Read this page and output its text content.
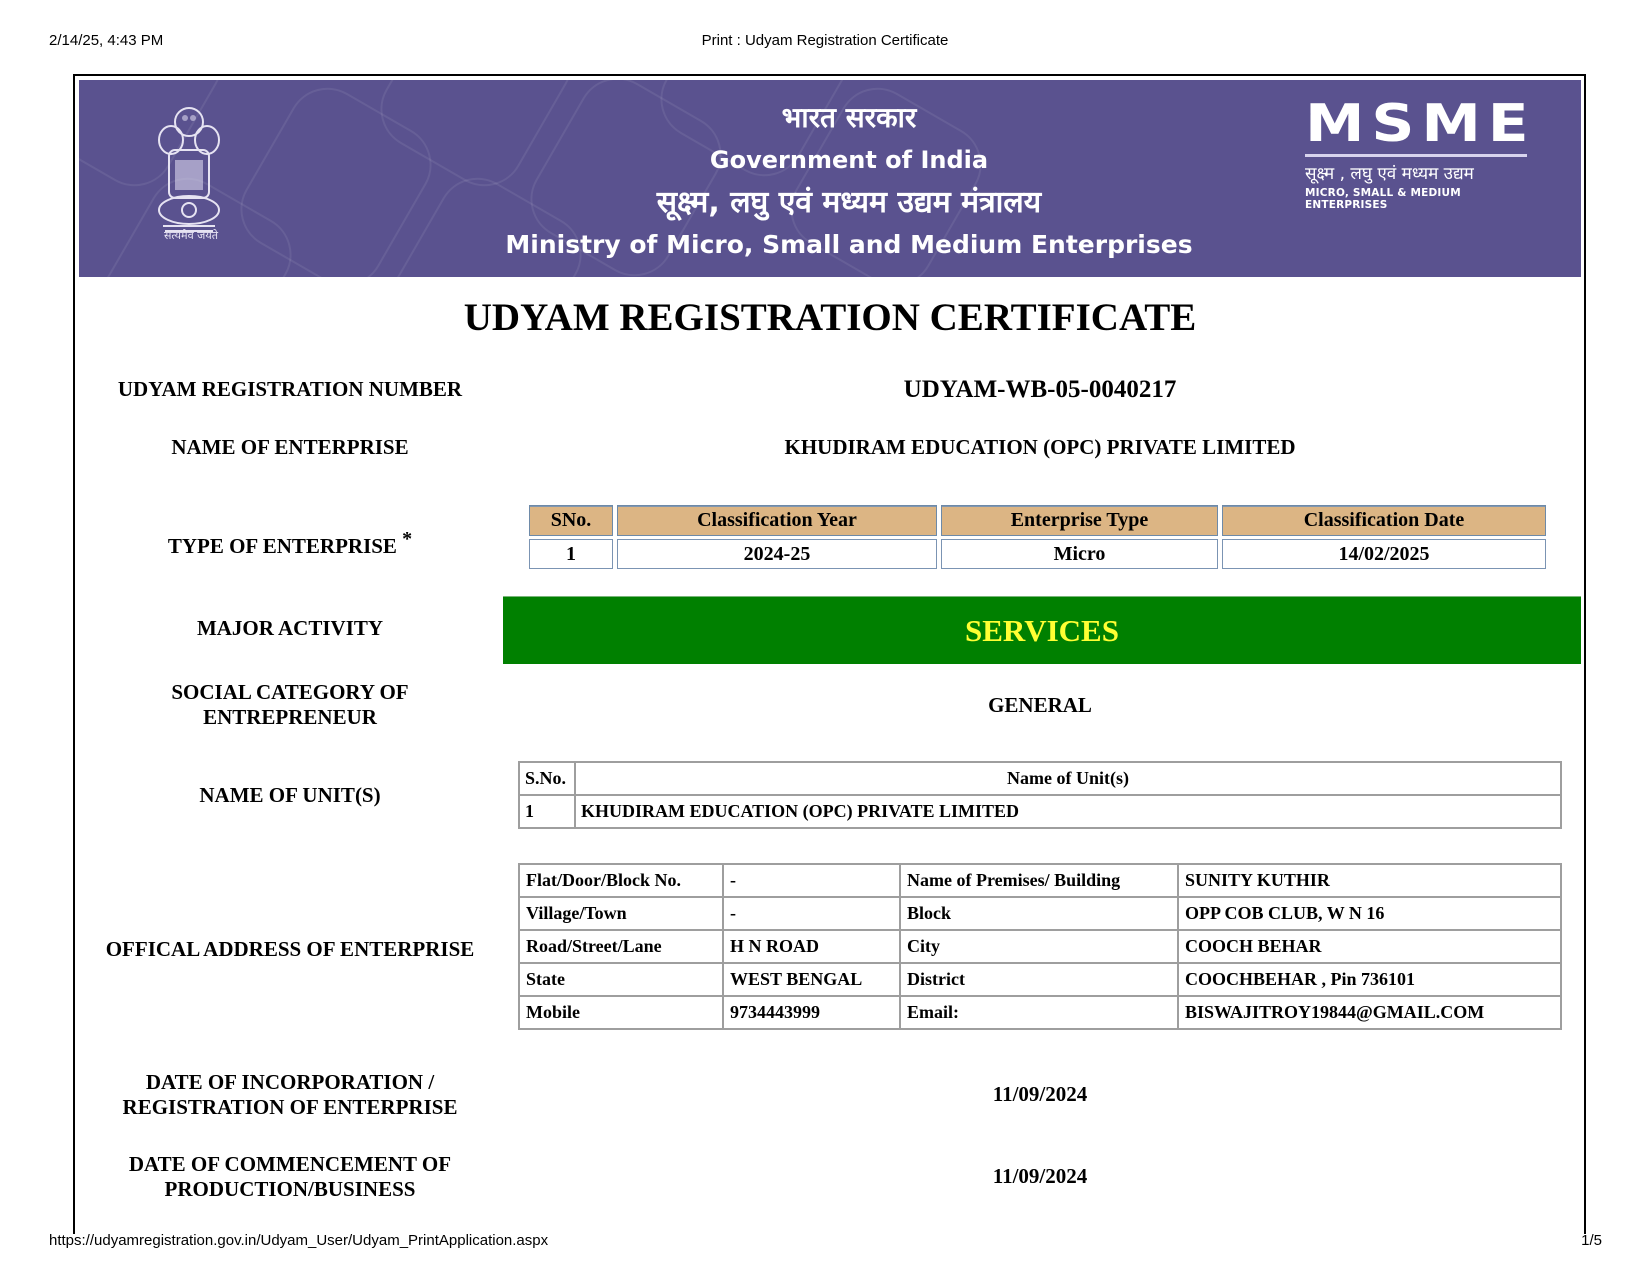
2/14/25, 4:43 PM	Print : Udyam Registration Certificate
सत्यमेव जयते
भारत सरकार
Government of India
सूक्ष्म, लघु एवं मध्यम उद्यम मंत्रालय
Ministry of Micro, Small and Medium Enterprises
MSME
सूक्ष्म , लघु एवं मध्यम उद्यम
MICRO, SMALL & MEDIUM ENTERPRISES
UDYAM REGISTRATION CERTIFICATE
UDYAM REGISTRATION NUMBER	UDYAM-WB-05-0040217
NAME OF ENTERPRISE	KHUDIRAM EDUCATION (OPC) PRIVATE LIMITED
TYPE OF ENTERPRISE *
SNo.	Classification Year	Enterprise Type	Classification Date
1	2024-25	Micro	14/02/2025
MAJOR ACTIVITY	SERVICES
SOCIAL CATEGORY OF
ENTREPRENEUR	GENERAL
NAME OF UNIT(S)
S.No.	Name of Unit(s)
1	KHUDIRAM EDUCATION (OPC) PRIVATE LIMITED
OFFICAL ADDRESS OF ENTERPRISE
Flat/Door/Block No.	-	Name of Premises/ Building	SUNITY KUTHIR
Village/Town	-	Block	OPP COB CLUB, W N 16
Road/Street/Lane	H N ROAD	City	COOCH BEHAR
State	WEST BENGAL	District	COOCHBEHAR , Pin 736101
Mobile	9734443999	Email:	BISWAJITROY19844@GMAIL.COM
DATE OF INCORPORATION /
REGISTRATION OF ENTERPRISE
11/09/2024
DATE OF COMMENCEMENT OF
PRODUCTION/BUSINESS
11/09/2024
https://udyamregistration.gov.in/Udyam_User/Udyam_PrintApplication.aspx	1/5
